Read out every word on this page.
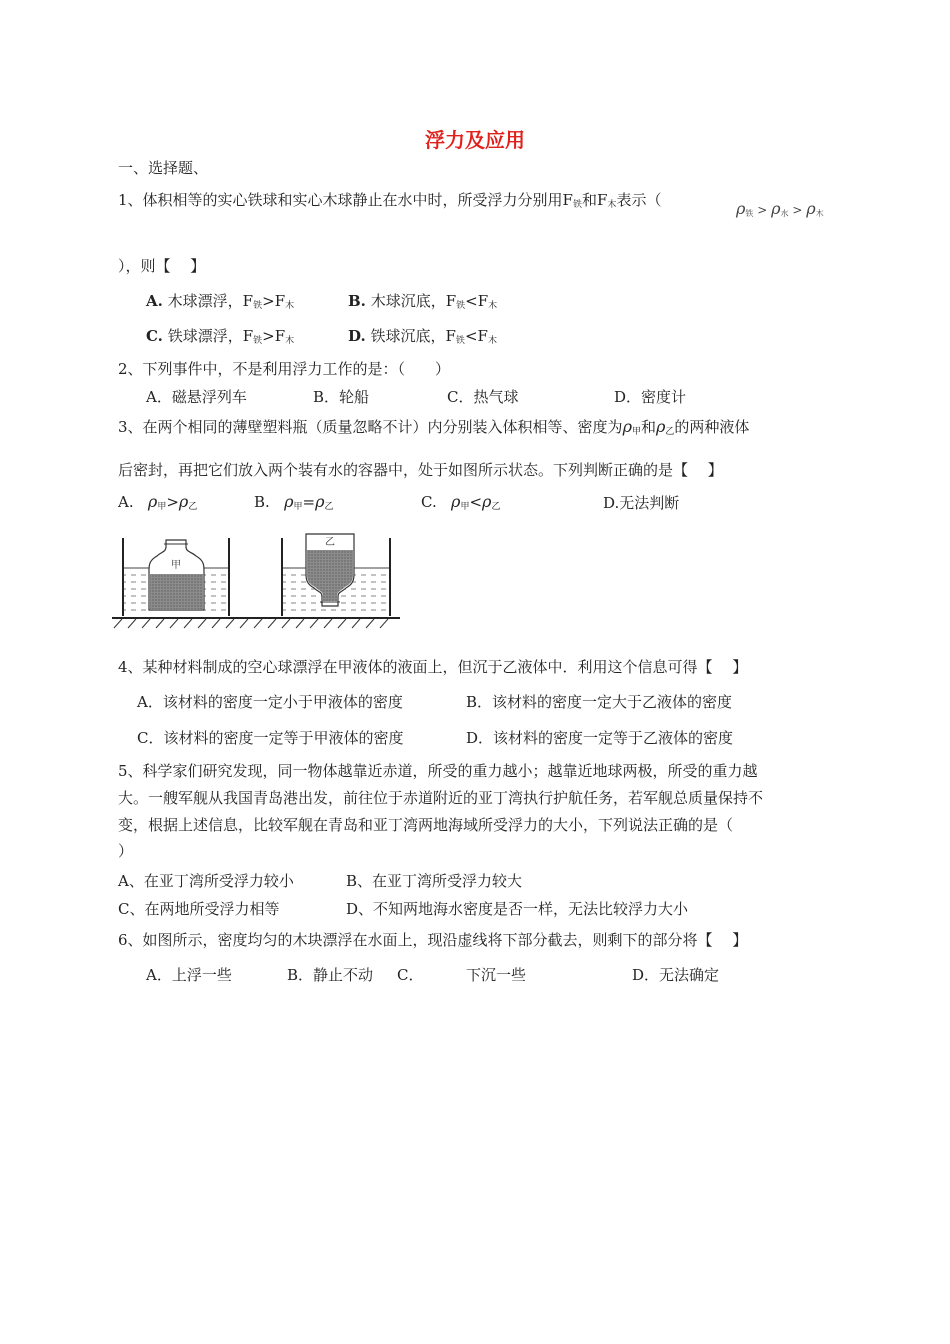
浮力及应用
一、选择题、
1、体积相等的实心铁球和实心木球静止在水中时，所受浮力分别用$F_铁$和$F_木$表示（	$\rho_铁 > \rho_水 > \rho_木$
），则【　 】
A. 木球漂浮，$F_铁>F_木$	B. 木球沉底，$F_铁<F_木$
C. 铁球漂浮，$F_铁>F_木$	D. 铁球沉底，$F_铁<F_木$
2、下列事件中，不是利用浮力工作的是：（　　）
A．磁悬浮列车	B．轮船	C．热气球	D．密度计
3、在两个相同的薄壁塑料瓶（质量忽略不计）内分别装入体积相等、密度为$\rho_甲$和$\rho_乙$的两种液体
后密封，再把它们放入两个装有水的容器中，处于如图所示状态。下列判断正确的是【　 】
A. $\rho_甲>\rho_乙$	B. $\rho_甲=\rho_乙$	C. $\rho_甲<\rho_乙$	D.无法判断
甲
乙
4、某种材料制成的空心球漂浮在甲液体的液面上，但沉于乙液体中．利用这个信息可得【　 】
A．该材料的密度一定小于甲液体的密度	B．该材料的密度一定大于乙液体的密度
C．该材料的密度一定等于甲液体的密度	D．该材料的密度一定等于乙液体的密度
5、科学家们研究发现，同一物体越靠近赤道，所受的重力越小；越靠近地球两极，所受的重力越
大。一艘军舰从我国青岛港出发，前往位于赤道附近的亚丁湾执行护航任务，若军舰总质量保持不
变，根据上述信息，比较军舰在青岛和亚丁湾两地海域所受浮力的大小，下列说法正确的是（
）
A、在亚丁湾所受浮力较小	B、在亚丁湾所受浮力较大
C、在两地所受浮力相等	D、不知两地海水密度是否一样，无法比较浮力大小
6、如图所示，密度均匀的木块漂浮在水面上，现沿虚线将下部分截去，则剩下的部分将【　 】
A．上浮一些	B．静止不动 C．	下沉一些	D．无法确定
